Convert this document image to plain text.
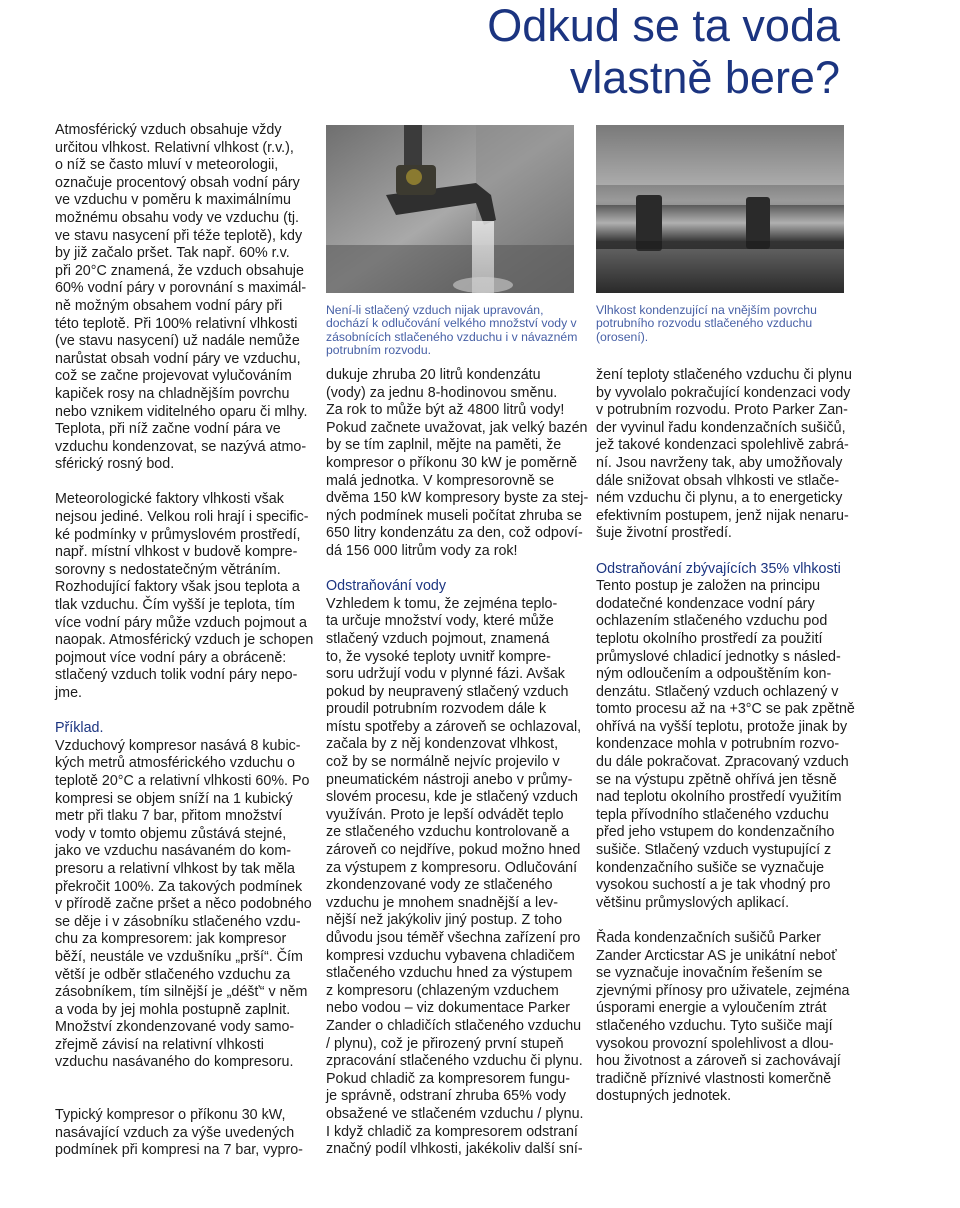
Odkud se ta voda
vlastně bere?

Atmosférický vzduch obsahuje vždy

určitou vlhkost. Relativní vlhkost (r.v.),

o níž se často mluví v meteorologii,

označuje procentový obsah vodní páry

ve vzduchu v poměru k maximálnímu

možnému obsahu vody ve vzduchu (tj.

ve stavu nasycení při téže teplotě), kdy

by již začalo pršet. Tak např. 60% r.v.

při 20°C znamená, že vzduch obsahuje

60% vodní páry v porovnání s maximál-

ně možným obsahem vodní páry při

této teplotě. Při 100% relativní vlhkosti

(ve stavu nasycení) už nadále nemůže

narůstat obsah vodní páry ve vzduchu,

což se začne projevovat vylučováním

kapiček rosy na chladnějším povrchu

nebo vznikem viditelného oparu či mlhy.

Teplota, při níž začne vodní pára ve

vzduchu kondenzovat, se nazývá atmo-

sférický rosný bod.

Meteorologické faktory vlhkosti však

nejsou jediné. Velkou roli hrají i specific-

ké podmínky v průmyslovém prostředí,

např. místní vlhkost v budově kompre-

sorovny s nedostatečným větráním.

Rozhodující faktory však jsou teplota a

tlak vzduchu. Čím vyšší je teplota, tím

více vodní páry může vzduch pojmout a

naopak. Atmosférický vzduch je schopen

pojmout více vodní páry a obráceně:

stlačený vzduch tolik vodní páry nepo-

jme.

Příklad.

Vzduchový kompresor nasává 8 kubic-

kých metrů atmosférického vzduchu o

teplotě 20°C a relativní vlhkosti 60%. Po

kompresi se objem sníží na 1 kubický

metr při tlaku 7 bar, přitom množství

vody v tomto objemu zůstává stejné,

jako ve vzduchu nasávaném do kom-

presoru a relativní vlhkost by tak měla

překročit 100%. Za takových podmínek

v přírodě začne pršet a něco podobného

se děje i v zásobníku stlačeného vzdu-

chu za kompresorem: jak kompresor

běží, neustále ve vzdušníku „prší“. Čím

větší je odběr stlačeného vzduchu za

zásobníkem, tím silnější je „déšť“ v něm

a voda by jej mohla postupně zaplnit.

Množství zkondenzované vody samo-

zřejmě závisí na relativní vlhkosti

vzduchu nasávaného do kompresoru.

Typický kompresor o příkonu 30 kW,

nasávající vzduch za výše uvedených

podmínek při kompresi na 7 bar, vypro-

Není-li stlačený vzduch nijak upravován,

dochází k odlučování velkého množství vody v

zásobnících stlačeného vzduchu i v návazném

potrubním rozvodu.

dukuje zhruba 20 litrů kondenzátu

(vody) za jednu 8-hodinovou směnu.

Za rok to může být až 4800 litrů vody!

Pokud začnete uvažovat, jak velký bazén

by se tím zaplnil, mějte na paměti, že

kompresor o příkonu 30 kW je poměrně

malá jednotka. V kompresorovně se

dvěma 150 kW kompresory byste za stej-

ných podmínek museli počítat zhruba se

650 litry kondenzátu za den, což odpoví-

dá 156 000 litrům vody za rok!

Odstraňování vody

Vzhledem k tomu, že zejména teplo-

ta určuje množství vody, které může

stlačený vzduch pojmout, znamená

to, že vysoké teploty uvnitř kompre-

soru udržují vodu v plynné fázi. Avšak

pokud by neupravený stlačený vzduch

proudil potrubním rozvodem dále k

místu spotřeby a zároveň se ochlazoval,

začala by z něj kondenzovat vlhkost,

což by se normálně nejvíc projevilo v

pneumatickém nástroji anebo v průmy-

slovém procesu, kde je stlačený vzduch

využíván. Proto je lepší odvádět teplo

ze stlačeného vzduchu kontrolovaně a

zároveň co nejdříve, pokud možno hned

za výstupem z kompresoru. Odlučování

zkondenzované vody ze stlačeného

vzduchu je mnohem snadnější a lev-

nější než jakýkoliv jiný postup. Z toho

důvodu jsou téměř všechna zařízení pro

kompresi vzduchu vybavena chladičem

stlačeného vzduchu hned za výstupem

z kompresoru (chlazeným vzduchem

nebo vodou – viz dokumentace Parker

Zander o chladičích stlačeného vzduchu

/ plynu), což je přirozený první stupeň

zpracování stlačeného vzduchu či plynu.

Pokud chladič za kompresorem fungu-

je správně, odstraní zhruba 65% vody

obsažené ve stlačeném vzduchu / plynu.

I když chladič za kompresorem odstraní

značný podíl vlhkosti, jakékoliv další sní-

Vlhkost kondenzující na vnějším povrchu

potrubního rozvodu stlačeného vzduchu

(orosení).

žení teploty stlačeného vzduchu či plynu

by vyvolalo pokračující kondenzaci vody

v potrubním rozvodu. Proto Parker Zan-

der vyvinul řadu kondenzačních sušičů,

jež takové kondenzaci spolehlivě zabrá-

ní. Jsou navrženy tak, aby umožňovaly

dále snižovat obsah vlhkosti ve stlače-

ném vzduchu či plynu, a to energeticky

efektivním postupem, jenž nijak nenaru-

šuje životní prostředí.

Odstraňování zbývajících 35% vlhkosti

Tento postup je založen na principu

dodatečné kondenzace vodní páry

ochlazením stlačeného vzduchu pod

teplotu okolního prostředí za použití

průmyslové chladicí jednotky s násled-

ným odloučením a odpouštěním kon-

denzátu. Stlačený vzduch ochlazený v

tomto procesu až na +3°C se pak zpětně

ohřívá na vyšší teplotu, protože jinak by

kondenzace mohla v potrubním rozvo-

du dále pokračovat. Zpracovaný vzduch

se na výstupu zpětně ohřívá jen těsně

nad teplotu okolního prostředí využitím

tepla přívodního stlačeného vzduchu

před jeho vstupem do kondenzačního

sušiče. Stlačený vzduch vystupující z

kondenzačního sušiče se vyznačuje

vysokou suchostí a je tak vhodný pro

většinu průmyslových aplikací.

Řada kondenzačních sušičů Parker

Zander Arcticstar AS je unikátní neboť

se vyznačuje inovačním řešením se

zjevnými přínosy pro uživatele, zejména

úsporami energie a vyloučením ztrát

stlačeného vzduchu. Tyto sušiče mají

vysokou provozní spolehlivost a dlou-

hou životnost a zároveň si zachovávají

tradičně příznivé vlastnosti komerčně

dostupných jednotek.
